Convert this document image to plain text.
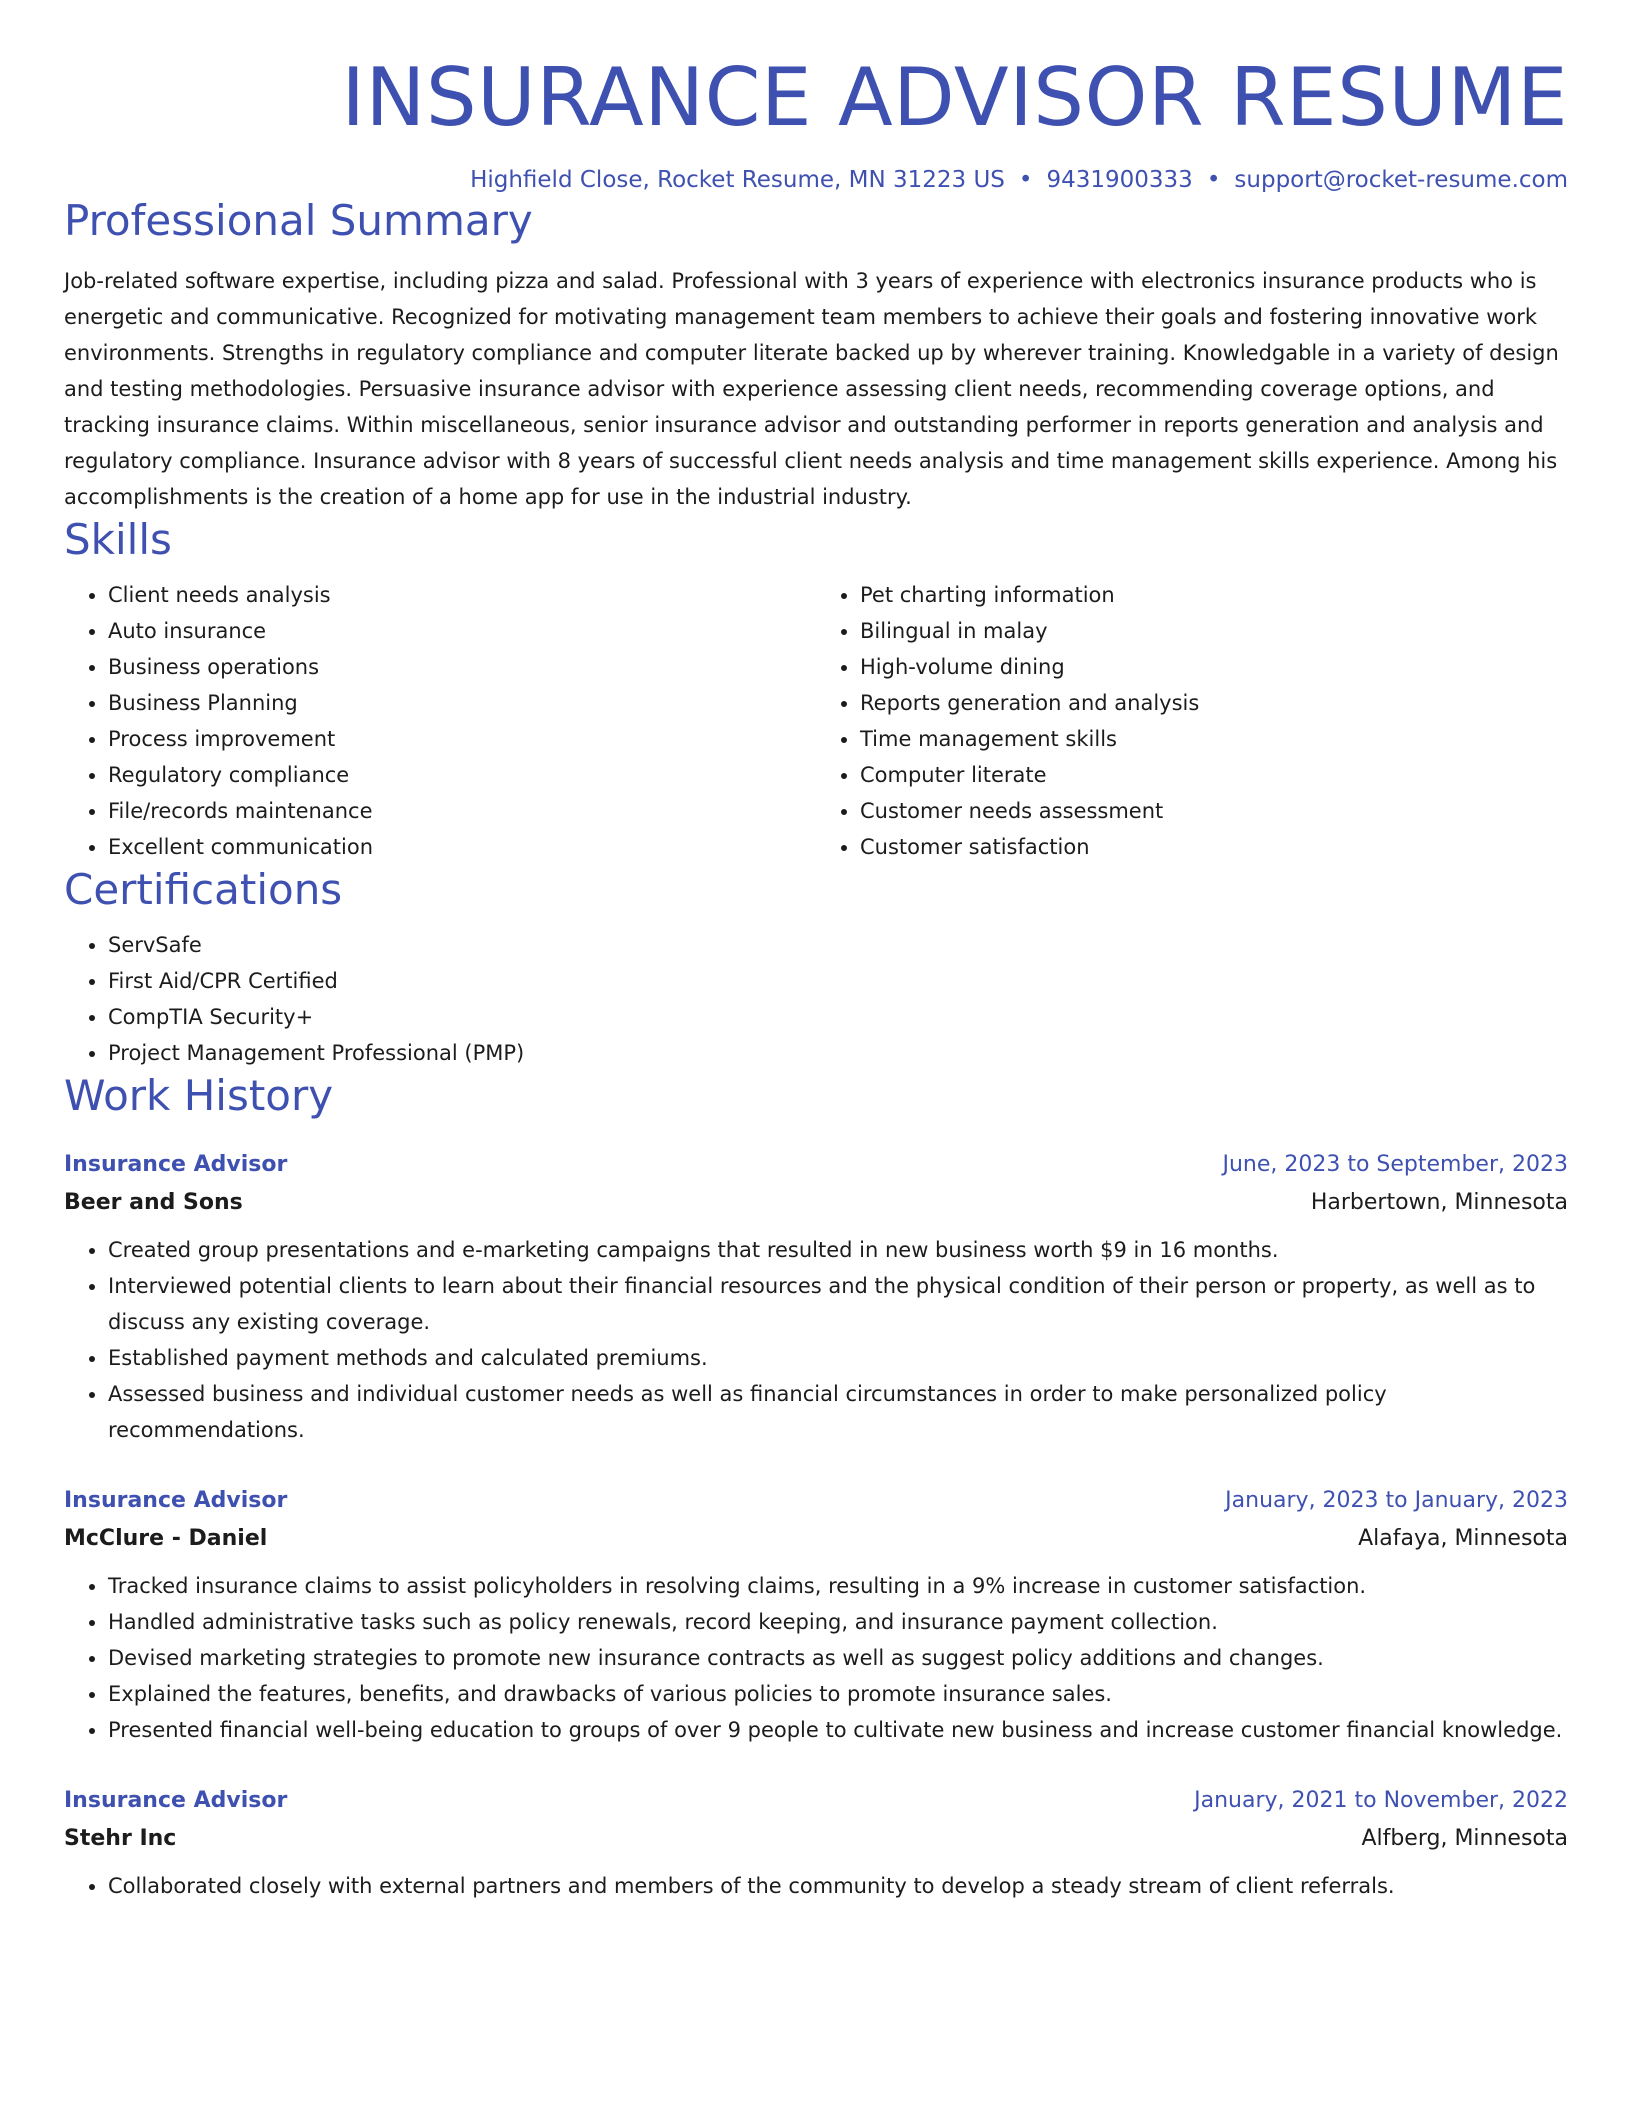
INSURANCE ADVISOR RESUME
Highfield Close, Rocket Resume, MN 31223 US • 9431900333 • support@rocket-resume.com
Professional Summary

Job-related software expertise, including pizza and salad. Professional with 3 years of experience with electronics insurance products who is energetic and communicative. Recognized for motivating management team members to achieve their goals and fostering innovative work environments. Strengths in regulatory compliance and computer literate backed up by wherever training. Knowledgable in a variety of design and testing methodologies. Persuasive insurance advisor with experience assessing client needs, recommending coverage options, and tracking insurance claims. Within miscellaneous, senior insurance advisor and outstanding performer in reports generation and analysis and regulatory compliance. Insurance advisor with 8 years of successful client needs analysis and time management skills experience. Among his accomplishments is the creation of a home app for use in the industrial industry.

Skills
• Client needs analysis
• Auto insurance
• Business operations
• Business Planning
• Process improvement
• Regulatory compliance
• File/records maintenance
• Excellent communication
• Pet charting information
• Bilingual in malay
• High-volume dining
• Reports generation and analysis
• Time management skills
• Computer literate
• Customer needs assessment
• Customer satisfaction
Certifications
• ServSafe
• First Aid/CPR Certified
• CompTIA Security+
• Project Management Professional (PMP)
Work History
Insurance Advisor	June, 2023 to September, 2023
Beer and Sons	Harbertown, Minnesota
• Created group presentations and e-marketing campaigns that resulted in new business worth $9 in 16 months.
• Interviewed potential clients to learn about their financial resources and the physical condition of their person or property, as well as to discuss any existing coverage.
• Established payment methods and calculated premiums.
• Assessed business and individual customer needs as well as financial circumstances in order to make personalized policy recommendations.
Insurance Advisor	January, 2023 to January, 2023
McClure - Daniel	Alafaya, Minnesota
• Tracked insurance claims to assist policyholders in resolving claims, resulting in a 9% increase in customer satisfaction.
• Handled administrative tasks such as policy renewals, record keeping, and insurance payment collection.
• Devised marketing strategies to promote new insurance contracts as well as suggest policy additions and changes.
• Explained the features, benefits, and drawbacks of various policies to promote insurance sales.
• Presented financial well-being education to groups of over 9 people to cultivate new business and increase customer financial knowledge.
Insurance Advisor	January, 2021 to November, 2022
Stehr Inc	Alfberg, Minnesota
• Collaborated closely with external partners and members of the community to develop a steady stream of client referrals.
